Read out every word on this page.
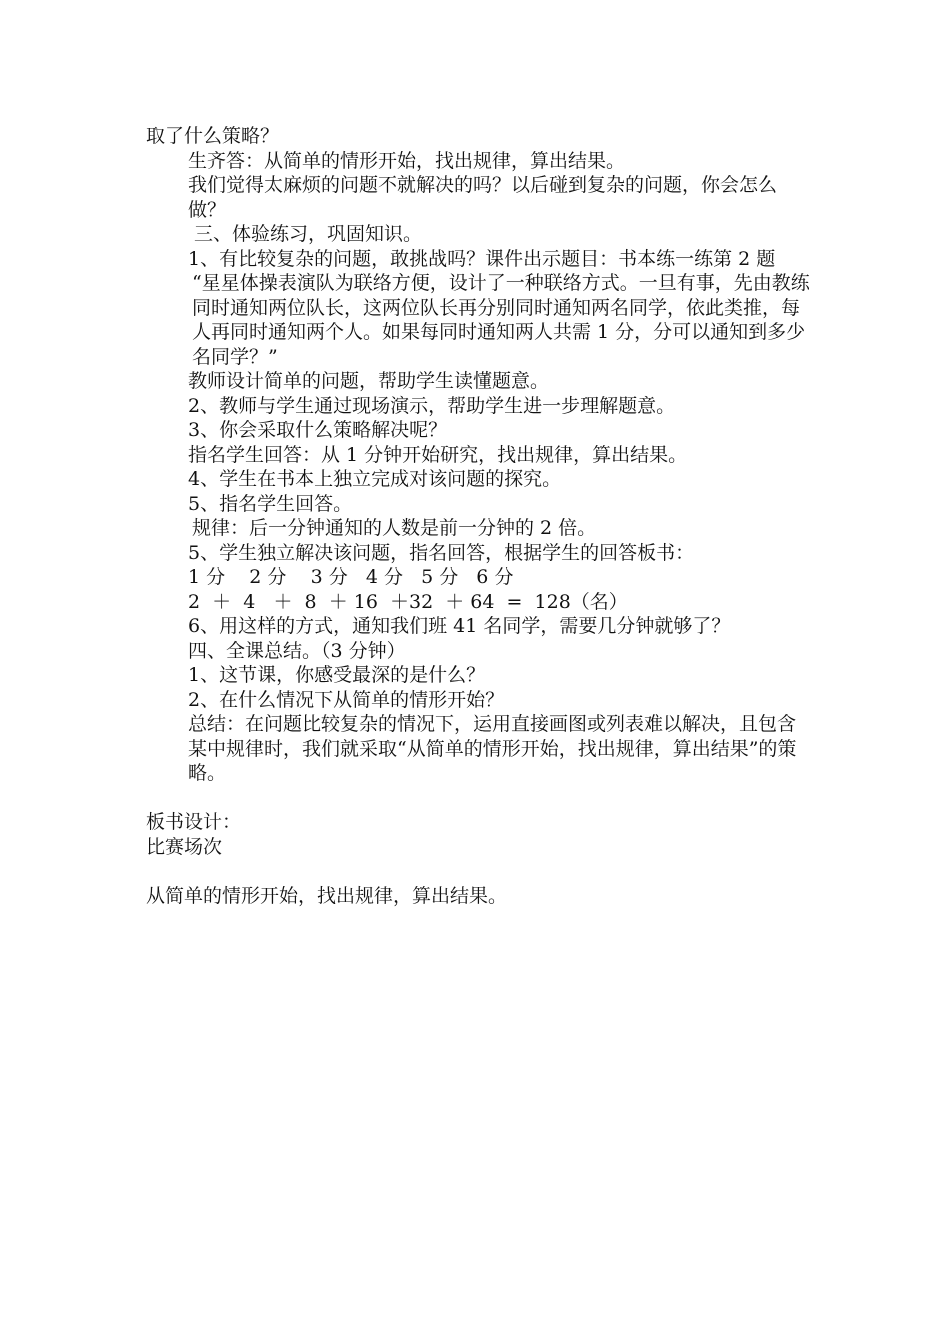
取了什么策略？

生齐答：从简单的情形开始，找出规律，算出结果。

我们觉得太麻烦的问题不就解决的吗？以后碰到复杂的问题，你会怎么做？

三、体验练习，巩固知识。

1、有比较复杂的问题，敢挑战吗？课件出示题目：书本练一练第 2 题

“星星体操表演队为联络方便，设计了一种联络方式。一旦有事，先由教练同时通知两位队长，这两位队长再分别同时通知两名同学，依此类推，每人再同时通知两个人。如果每同时通知两人共需 1 分，分可以通知到多少名同学？”

教师设计简单的问题，帮助学生读懂题意。

2、教师与学生通过现场演示，帮助学生进一步理解题意。

3、你会采取什么策略解决呢？

指名学生回答：从 1 分钟开始研究，找出规律，算出结果。

4、学生在书本上独立完成对该问题的探究。

5、指名学生回答。

规律：后一分钟通知的人数是前一分钟的 2 倍。

5、学生独立解决该问题，指名回答，根据学生的回答板书：

1 分    2 分    3 分   4 分   5 分   6 分

2  ＋  4   ＋  8  ＋ 16  ＋32  ＋ 64  =  128（名）

6、用这样的方式，通知我们班 41 名同学，需要几分钟就够了？

四、全课总结。（3 分钟）

1、这节课，你感受最深的是什么？

2、在什么情况下从简单的情形开始？

总结：在问题比较复杂的情况下，运用直接画图或列表难以解决，且包含某中规律时，我们就采取“从简单的情形开始，找出规律，算出结果”的策略。

板书设计：

比赛场次

从简单的情形开始，找出规律，算出结果。
